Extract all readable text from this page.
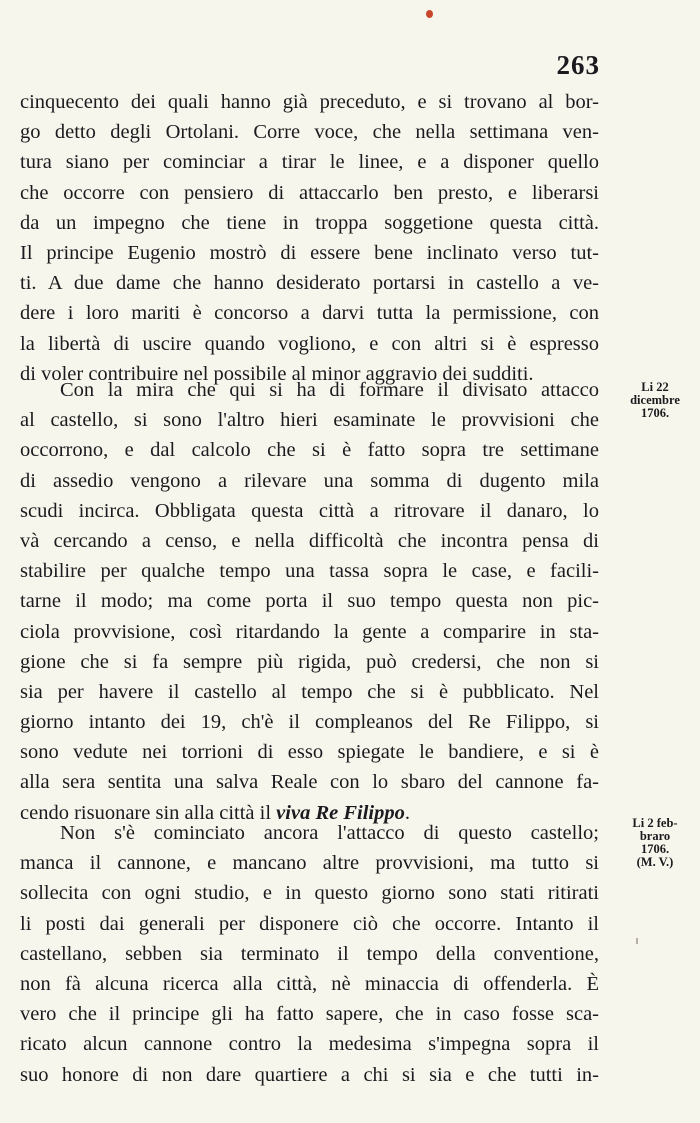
263
cinquecento dei quali hanno già preceduto, e si trovano al bor-
go detto degli Ortolani. Corre voce, che nella settimana ven-
tura siano per cominciar a tirar le linee, e a disponer quello
che occorre con pensiero di attaccarlo ben presto, e liberarsi
da un impegno che tiene in troppa soggetione questa città.
Il principe Eugenio mostrò di essere bene inclinato verso tut-
ti. A due dame che hanno desiderato portarsi in castello a ve-
dere i loro mariti è concorso a darvi tutta la permissione, con
la libertà di uscire quando vogliono, e con altri si è espresso
di voler contribuire nel possibile al minor aggravio dei sudditi.
Con la mira che qui si ha di formare il divisato attacco
al castello, si sono l'altro hieri esaminate le provvisioni che
occorrono, e dal calcolo che si è fatto sopra tre settimane
di assedio vengono a rilevare una somma di dugento mila
scudi incirca. Obbligata questa città a ritrovare il danaro, lo
và cercando a censo, e nella difficoltà che incontra pensa di
stabilire per qualche tempo una tassa sopra le case, e facili-
tarne il modo; ma come porta il suo tempo questa non pic-
ciola provvisione, così ritardando la gente a comparire in sta-
gione che si fa sempre più rigida, può credersi, che non si
sia per havere il castello al tempo che si è pubblicato. Nel
giorno intanto dei 19, ch'è il compleanos del Re Filippo, si
sono vedute nei torrioni di esso spiegate le bandiere, e si è
alla sera sentita una salva Reale con lo sbaro del cannone fa-
cendo risuonare sin alla città il viva Re Filippo.
Non s'è cominciato ancora l'attacco di questo castello;
manca il cannone, e mancano altre provvisioni, ma tutto si
sollecita con ogni studio, e in questo giorno sono stati ritirati
li posti dai generali per disponere ciò che occorre. Intanto il
castellano, sebben sia terminato il tempo della conventione,
non fà alcuna ricerca alla città, nè minaccia di offenderla. È
vero che il principe gli ha fatto sapere, che in caso fosse sca-
ricato alcun cannone contro la medesima s'impegna sopra il
suo honore di non dare quartiere a chi si sia e che tutti in-
Li 22
dicembre
1706.
Li 2 feb-
braro
1706.
(M. V.)
